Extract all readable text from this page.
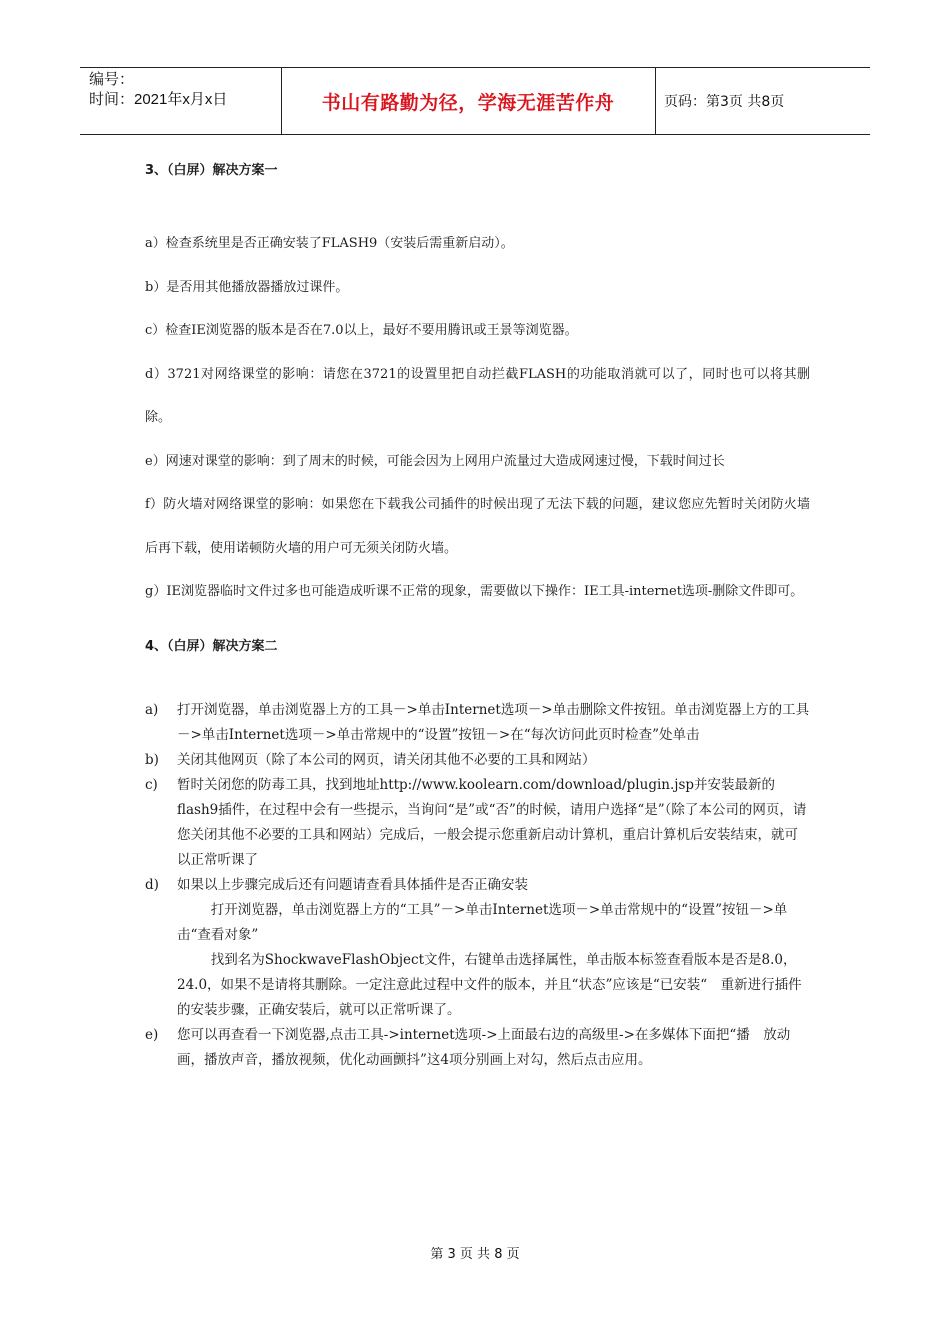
编号：
时间：2021年x月x日	书山有路勤为径，学海无涯苦作舟	页码：第3页 共8页

3、（白屏）解决方案一

a）检查系统里是否正确安装了FLASH9（安装后需重新启动）。

b）是否用其他播放器播放过课件。

c）检查IE浏览器的版本是否在7.0以上，最好不要用腾讯或王景等浏览器。

d）3721对网络课堂的影响：请您在3721的设置里把自动拦截FLASH的功能取消就可以了，同时也可以将其删除。

e）网速对课堂的影响：到了周末的时候，可能会因为上网用户流量过大造成网速过慢，下载时间过长

f）防火墙对网络课堂的影响：如果您在下载我公司插件的时候出现了无法下载的问题，建议您应先暂时关闭防火墙后再下载，使用诺顿防火墙的用户可无须关闭防火墙。

g）IE浏览器临时文件过多也可能造成听课不正常的现象，需要做以下操作：IE工具-internet选项-删除文件即可。

4、（白屏）解决方案二

a)	打开浏览器，单击浏览器上方的工具－>单击Internet选项－>单击删除文件按钮。单击浏览器上方的工具－>单击Internet选项－>单击常规中的“设置”按钮－>在“每次访问此页时检查”处单击
b)	关闭其他网页（除了本公司的网页，请关闭其他不必要的工具和网站）
c)	暂时关闭您的防毒工具，找到地址http://www.koolearn.com/download/plugin.jsp并安装最新的flash9插件，在过程中会有一些提示，当询问“是”或“否”的时候，请用户选择“是”（除了本公司的网页，请您关闭其他不必要的工具和网站）完成后，一般会提示您重新启动计算机，重启计算机后安装结束，就可以正常听课了
d)	如果以上步骤完成后还有问题请查看具体插件是否正确安装
打开浏览器，单击浏览器上方的“工具”－>单击Internet选项－>单击常规中的“设置”按钮－>单击“查看对象”
找到名为ShockwaveFlashObject文件，右键单击选择属性，单击版本标签查看版本是否是8.0，24.0，如果不是请将其删除。一定注意此过程中文件的版本，并且“状态”应该是“已安装“　重新进行插件的安装步骤，正确安装后，就可以正常听课了。
e)	您可以再查看一下浏览器,点击工具->internet选项->上面最右边的高级里->在多媒体下面把“播　放动画，播放声音，播放视频，优化动画颤抖”这4项分别画上对勾，然后点击应用。
第 3 页 共 8 页
